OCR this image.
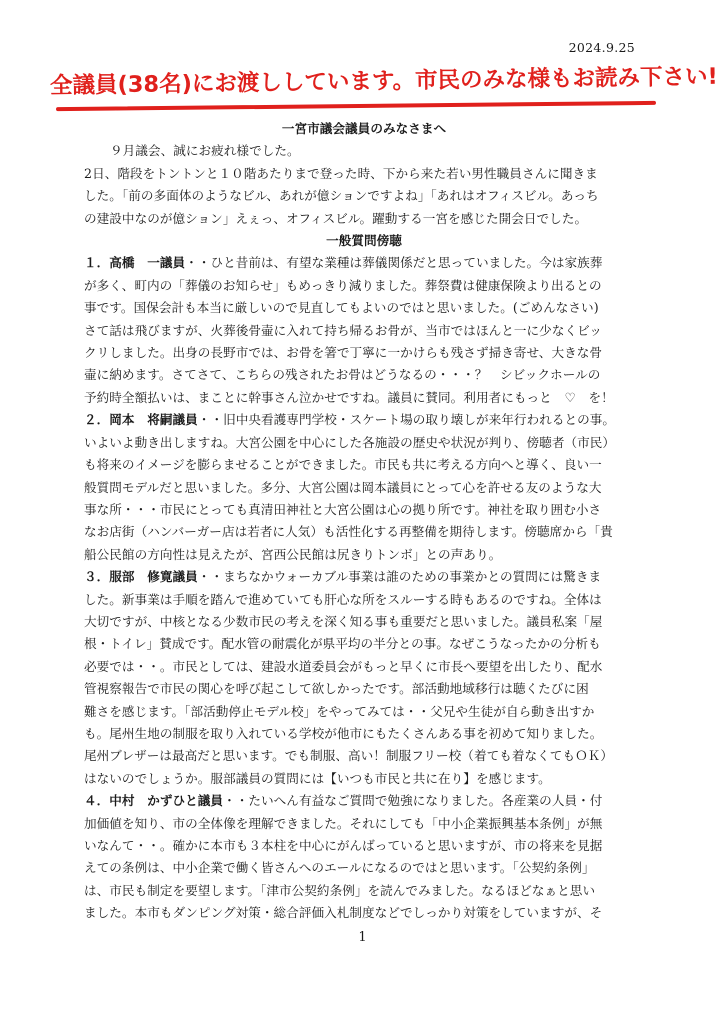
2024.9.25
全議員(38名)にお渡ししています。市民のみな様もお読み下さい!
一宮市議会議員のみなさまへ
９月議会、誠にお疲れ様でした。
2日、階段をトントンと１０階あたりまで登った時、下から来た若い男性職員さんに聞きま
した。「前の多面体のようなビル、あれが億ションですよね」「あれはオフィスビル。あっち
の建設中なのが億ション」えぇっ、オフィスビル。躍動する一宮を感じた開会日でした。
一般質問傍聴
１．高橋　一議員・・ひと昔前は、有望な業種は葬儀関係だと思っていました。今は家族葬
が多く、町内の「葬儀のお知らせ」もめっきり減りました。葬祭費は健康保険より出るとの
事です。国保会計も本当に厳しいので見直してもよいのではと思いました。(ごめんなさい)
さて話は飛びますが、火葬後骨壷に入れて持ち帰るお骨が、当市ではほんと一に少なくビッ
クリしました。出身の長野市では、お骨を箸で丁寧に一かけらも残さず掃き寄せ、大きな骨
壷に納めます。さてさて、こちらの残されたお骨はどうなるの・・・？　シビックホールの
予約時全額払いは、まことに幹事さん泣かせですね。議員に賛同。利用者にもっと　♡　を！
２．岡本　将嗣議員・・旧中央看護専門学校・スケート場の取り壊しが来年行われるとの事。
いよいよ動き出しますね。大宮公園を中心にした各施設の歴史や状況が判り、傍聴者（市民）
も将来のイメージを膨らませることができました。市民も共に考える方向へと導く、良い一
般質問モデルだと思いました。多分、大宮公園は岡本議員にとって心を許せる友のような大
事な所・・・市民にとっても真清田神社と大宮公園は心の拠り所です。神社を取り囲む小さ
なお店街（ハンバーガー店は若者に人気）も活性化する再整備を期待します。傍聴席から「貴
船公民館の方向性は見えたが、宮西公民館は尻きりトンボ」との声あり。
３．服部　修寛議員・・まちなかウォーカブル事業は誰のための事業かとの質問には驚きま
した。新事業は手順を踏んで進めていても肝心な所をスルーする時もあるのですね。全体は
大切ですが、中核となる少数市民の考えを深く知る事も重要だと思いました。議員私案「屋
根・トイレ」賛成です。配水管の耐震化が県平均の半分との事。なぜこうなったかの分析も
必要では・・。市民としては、建設水道委員会がもっと早くに市長へ要望を出したり、配水
管視察報告で市民の関心を呼び起こして欲しかったです。部活動地域移行は聴くたびに困
難さを感じます。「部活動停止モデル校」をやってみては・・父兄や生徒が自ら動き出すか
も。尾州生地の制服を取り入れている学校が他市にもたくさんある事を初めて知りました。
尾州ブレザーは最高だと思います。でも制服、高い！制服フリー校（着ても着なくてもＯＫ）
はないのでしょうか。服部議員の質問には【いつも市民と共に在り】を感じます。
４．中村　かずひと議員・・たいへん有益なご質問で勉強になりました。各産業の人員・付
加価値を知り、市の全体像を理解できました。それにしても「中小企業振興基本条例」が無
いなんて・・。確かに本市も３本柱を中心にがんばっていると思いますが、市の将来を見据
えての条例は、中小企業で働く皆さんへのエールになるのではと思います。「公契約条例」
は、市民も制定を要望します。「津市公契約条例」を読んでみました。なるほどなぁと思い
ました。本市もダンピング対策・総合評価入札制度などでしっかり対策をしていますが、そ
1
